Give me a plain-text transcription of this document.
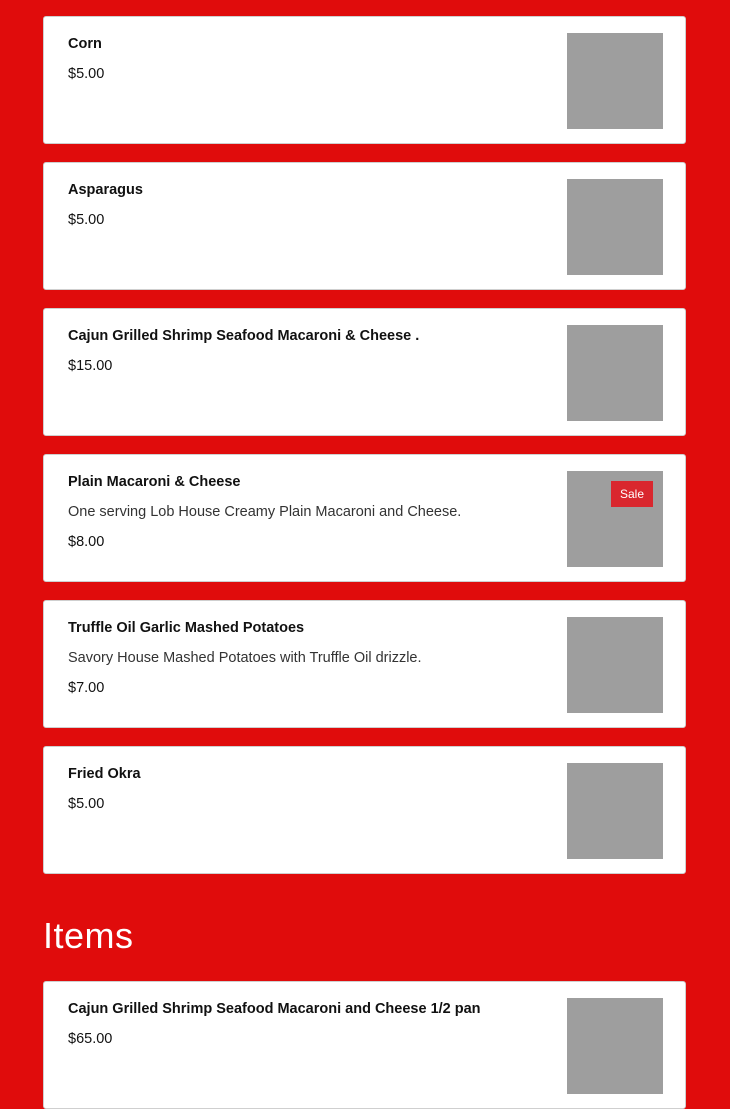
Corn
$5.00
Asparagus
$5.00
Cajun Grilled Shrimp Seafood Macaroni & Cheese .
$15.00
Plain Macaroni & Cheese
One serving Lob House Creamy Plain Macaroni and Cheese.
$8.00
Sale
Truffle Oil Garlic Mashed Potatoes
Savory House Mashed Potatoes with Truffle Oil drizzle.
$7.00
Fried Okra
$5.00
Items
Cajun Grilled Shrimp Seafood Macaroni and Cheese 1/2 pan
$65.00
